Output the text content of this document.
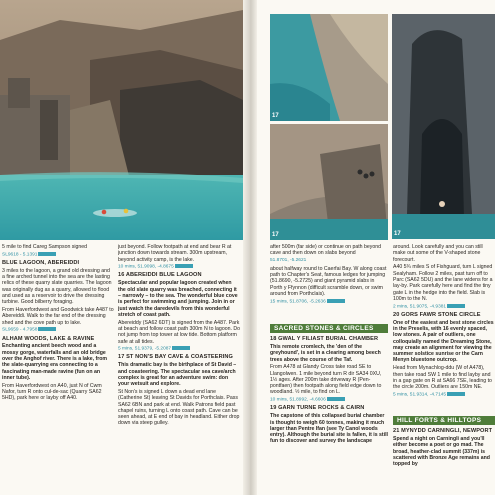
5 mile to find Careg Sampson signed

SL9618 - 5.1391

BLUE LAGOON, ABEREIDDI

3 miles to the lagoon, a grand old dressing and a fine arched tunnel into the sea are the lasting relics of these quarry slate quarries. The lagoon was originally dug as a quarry, allowed to flood and used as a reservoir to drive the dressing turbine. Good bilberry foraging.

From Haverfordwest and Goodwick take A487 to Abereiddi. Walk to the far end of the dressing shed and the cove path up to lake.

SL9659 - 4.7958

ALHAM WOODS, LAKE & RAVINE

Enchanting ancient beech wood and a mossy gorge, waterfalls and an old bridge over the Anghof river. There is a lake, from the slate-quarrying era connecting to a fascinating man-made ravine (fun on an inner tube).

From Haverfordwest on A40, just N of Cwm Nafor, turn R onto cul-de-sac (Quarry SA62 5HD), park here or layby off A40.

just beyond. Follow footpath at end and bear R at junction down towards stream. 300m upstream, beyond activity camp, is the lake.

10 mins, 51.9098, -4.8675

16 ABEREIDDI BLUE LAGOON

Spectacular and popular lagoon created when the old slate quarry was breached, connecting it – narrowly – to the sea. The wonderful blue cove is perfect for swimming and jumping. Join in or just watch the daredevils from this wonderful stretch of coast path.

Abereiddy (SA62 6DT) is signed from the A487. Park at beach and follow coast path 300m N to lagoon. Do not jump from top tower at low tide. Bottom platform safe at all tides.

5 mins, 51.9379, -5.2087

17 ST NON'S BAY CAVE & COASTEERING

This dramatic bay is the birthplace of St David – and coasteering. The spectacular sea cave/arch complex is great for an adventure swim: don your wetsuit and explore.

St Non's is signed L down a dead end lane (Catherine St) leaving St Davids for Porthclais. Pass SA62 6BN and park at end. Walk Patrons field past chapel ruins, turning L onto coast path. Cave can be seen ahead, at E end of bay in headland. Either drop down via steep gulley.

17
17
17

after 500m (far side) or continue on path beyond cave and then down on slabs beyond

51.8701, -5.2621

about halfway round to Caerfai Bay. W along coast path to Chapter's Seat, famous ledges for jumping (51.8690, -5.2725) and giant pyramid slabs in Porth y Ffynnon (difficult scramble down, or swim around from Porthclais).

15 mins, 51.8706, -5.2636

SACRED STONES & CIRCLES

18 GWAL Y FILIAST BURIAL CHAMBER

This remote cromlech, the 'den of the greyhound', is set in a clearing among beech trees above the course of the Taf.

From A478 at Glandy Cross take road SE to Llangolwen. 1 mile beyond turn R dir SA34 0XU, 1½ ages. After 200m take driveway R (Pen-pontfaen) then footpath along field edge down to woodland. ½ mile, to find on L.

10 mins, 51.8992, -4.6606

19 GARN TURNE ROCKS & CAIRN

The capstone of this collapsed burial chamber is thought to weigh 60 tonnes, making it much larger than Pentre Ifan (see Ty Canol woods entry). Although the burial site is fallen, it is still fun to discover and survey the landscape

around. Look carefully and you can still make out some of the V-shaped stone forecourt.

A40 5¾ miles S of Fishguard, turn L signed Sealyham. Follow 2 miles, past turn off to Parc (SA62 5DU) and the lane widens for a lay-by. Park carefully here and find the tiny gate L in the hedge into the field. Slab is 100m to the N.

2 mins, 51.9075, -4.9381

20 GORS FAWR STONE CIRCLE

One of the easiest and best stone circles in the Preselis, with 16 evenly spaced, low stones. A pair of outliers, one colloquially named the Dreaming Stone, may create an alignment for viewing the summer solstice sunrise or the Carn Menyn bluestone outcrop.

Head from Mynachlog-ddu (W of A478), then take road SW 1 mile to find layby and in a gap gate on R at SA66 7SE, leading to the circle 200m. Outliers are 150m NE.

5 mins, 51.9314, -4.7145

HILL FORTS & HILLTOPS

21 MYNYDD CARNINGLI, NEWPORT

Spend a night on Carningli and you'll either become a poet or go mad. The broad, heather-clad summit (337m) is scattered with Bronze Age remains and topped by
